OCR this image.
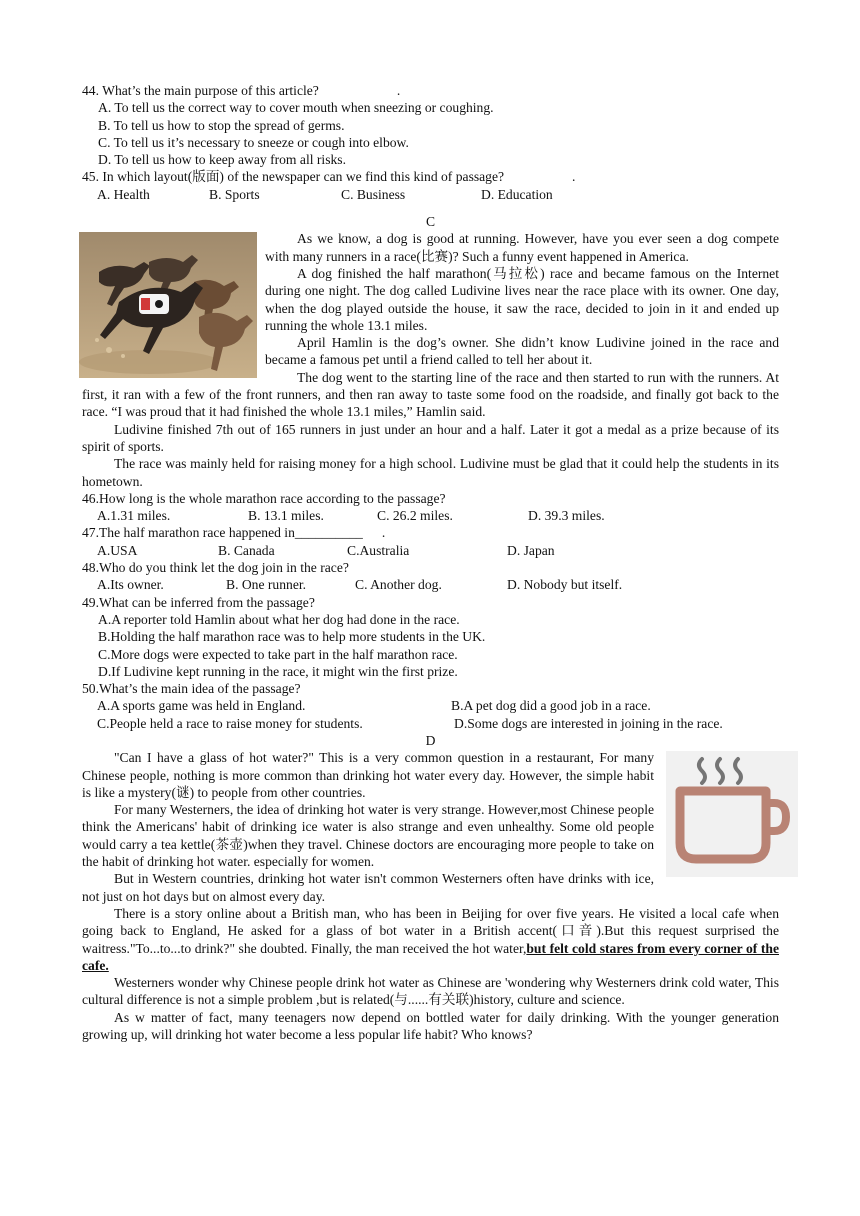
44. What’s the main purpose of this article?	.

A. To tell us the correct way to cover mouth when sneezing or coughing.

B. To tell us how to stop the spread of germs.

C. To tell us it’s necessary to sneeze or cough into elbow.

D. To tell us how to keep away from all risks.

45. In which layout(版面) of the newspaper can we find this kind of passage?	.

A. Health	B. Sports	C. Business	D. Education

C

As we know, a dog is good at running. However, have you ever seen a dog compete with many runners in a race(比赛)? Such a funny event happened in America.

A dog finished the half marathon(马拉松) race and became famous on the Internet during one night. The dog called Ludivine lives near the race place with its owner. One day, when the dog played outside the house, it saw the race, decided to join in it and ended up running the whole 13.1 miles.

April Hamlin is the dog’s owner. She didn’t know Ludivine joined in the race and became a famous pet until a friend called to tell her about it.

The dog went to the starting line of the race and then started to run with the runners. At first, it ran with a few of the front runners, and then ran away to taste some food on the roadside, and finally got back to the race. “I was proud that it had finished the whole 13.1 miles,” Hamlin said.

Ludivine finished 7th out of 165 runners in just under an hour and a half. Later it got a medal as a prize because of its spirit of sports.

The race was mainly held for raising money for a high school. Ludivine must be glad that it could help the students in its hometown.

46.How long is the whole marathon race according to the passage?

A.1.31 miles.	B. 13.1 miles.	C. 26.2 miles.	D. 39.3 miles.

47.The half marathon race happened in__________ .

A.USA	B. Canada	C.Australia	D. Japan

48.Who do you think let the dog join in the race?

A.Its owner.	B. One runner.	C. Another dog.	D. Nobody but itself.

49.What can be inferred from the passage?

A.A reporter told Hamlin about what her dog had done in the race.

B.Holding the half marathon race was to help more students in the UK.

C.More dogs were expected to take part in the half marathon race.

D.If Ludivine kept running in the race, it might win the first prize.

50.What’s the main idea of the passage?

A.A sports game was held in England.	B.A pet dog did a good job in a race.
C.People held a race to raise money for students.	D.Some dogs are interested in joining in the race.

D

"Can I have a glass of hot water?" This is a very common question in a restaurant, For many Chinese people, nothing is more common than drinking hot water every day. However, the simple habit is like a mystery(谜) to people from other countries.

For many Westerners, the idea of drinking hot water is very strange. However,most Chinese people think the Americans' habit of drinking ice water is also strange and even unhealthy. Some old people would carry a tea kettle(茶壶)when they travel. Chinese doctors are encouraging more people to take on the habit of drinking hot water. especially for women.

But in Western countries, drinking hot water isn't common Westerners often have drinks with ice, not just on hot days but on almost every day.

There is a story online about a British man, who has been in Beijing for over five years. He visited a local cafe when going back to England, He asked for a glass of bot water in a British accent(口音).But this request surprised the waitress."To...to...to drink?" she doubted. Finally, the man received the hot water,but felt cold stares from every corner of the cafe.

Westerners wonder why Chinese people drink hot water as Chinese are 'wondering why Westerners drink cold water, This cultural difference is not a simple problem ,but is related(与......有关联)history, culture and science.

As w matter of fact, many teenagers now depend on bottled water for daily drinking. With the younger generation growing up, will drinking hot water become a less popular life habit? Who knows?
